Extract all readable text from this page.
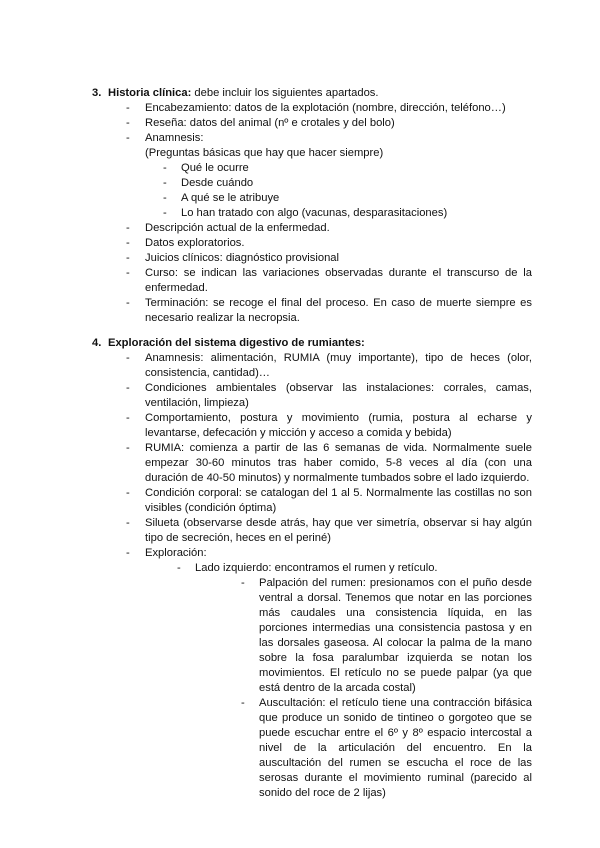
3. Historia clínica: debe incluir los siguientes apartados.
- Encabezamiento: datos de la explotación (nombre, dirección, teléfono…)
- Reseña: datos del animal (nº e crotales y del bolo)
- Anamnesis:
(Preguntas básicas que hay que hacer siempre)
- Qué le ocurre
- Desde cuándo
- A qué se le atribuye
- Lo han tratado con algo (vacunas, desparasitaciones)
- Descripción actual de la enfermedad.
- Datos exploratorios.
- Juicios clínicos: diagnóstico provisional
- Curso: se indican las variaciones observadas durante el transcurso de la enfermedad.
- Terminación: se recoge el final del proceso. En caso de muerte siempre es necesario realizar la necropsia.
4. Exploración del sistema digestivo de rumiantes:
- Anamnesis: alimentación, RUMIA (muy importante), tipo de heces (olor, consistencia, cantidad)…
- Condiciones ambientales (observar las instalaciones: corrales, camas, ventilación, limpieza)
- Comportamiento, postura y movimiento (rumia, postura al echarse y levantarse, defecación y micción y acceso a comida y bebida)
- RUMIA: comienza a partir de las 6 semanas de vida. Normalmente suele empezar 30-60 minutos tras haber comido, 5-8 veces al día (con una duración de 40-50 minutos) y normalmente tumbados sobre el lado izquierdo.
- Condición corporal: se catalogan del 1 al 5. Normalmente las costillas no son visibles (condición óptima)
- Silueta (observarse desde atrás, hay que ver simetría, observar si hay algún tipo de secreción, heces en el periné)
- Exploración:
- Lado izquierdo: encontramos el rumen y retículo.
- Palpación del rumen: presionamos con el puño desde ventral a dorsal. Tenemos que notar en las porciones más caudales una consistencia líquida, en las porciones intermedias una consistencia pastosa y en las dorsales gaseosa. Al colocar la palma de la mano sobre la fosa paralumbar izquierda se notan los movimientos. El retículo no se puede palpar (ya que está dentro de la arcada costal)
- Auscultación: el retículo tiene una contracción bifásica que produce un sonido de tintineo o gorgoteo que se puede escuchar entre el 6º y 8º espacio intercostal a nivel de la articulación del encuentro. En la auscultación del rumen se escucha el roce de las serosas durante el movimiento ruminal (parecido al sonido del roce de 2 lijas)
